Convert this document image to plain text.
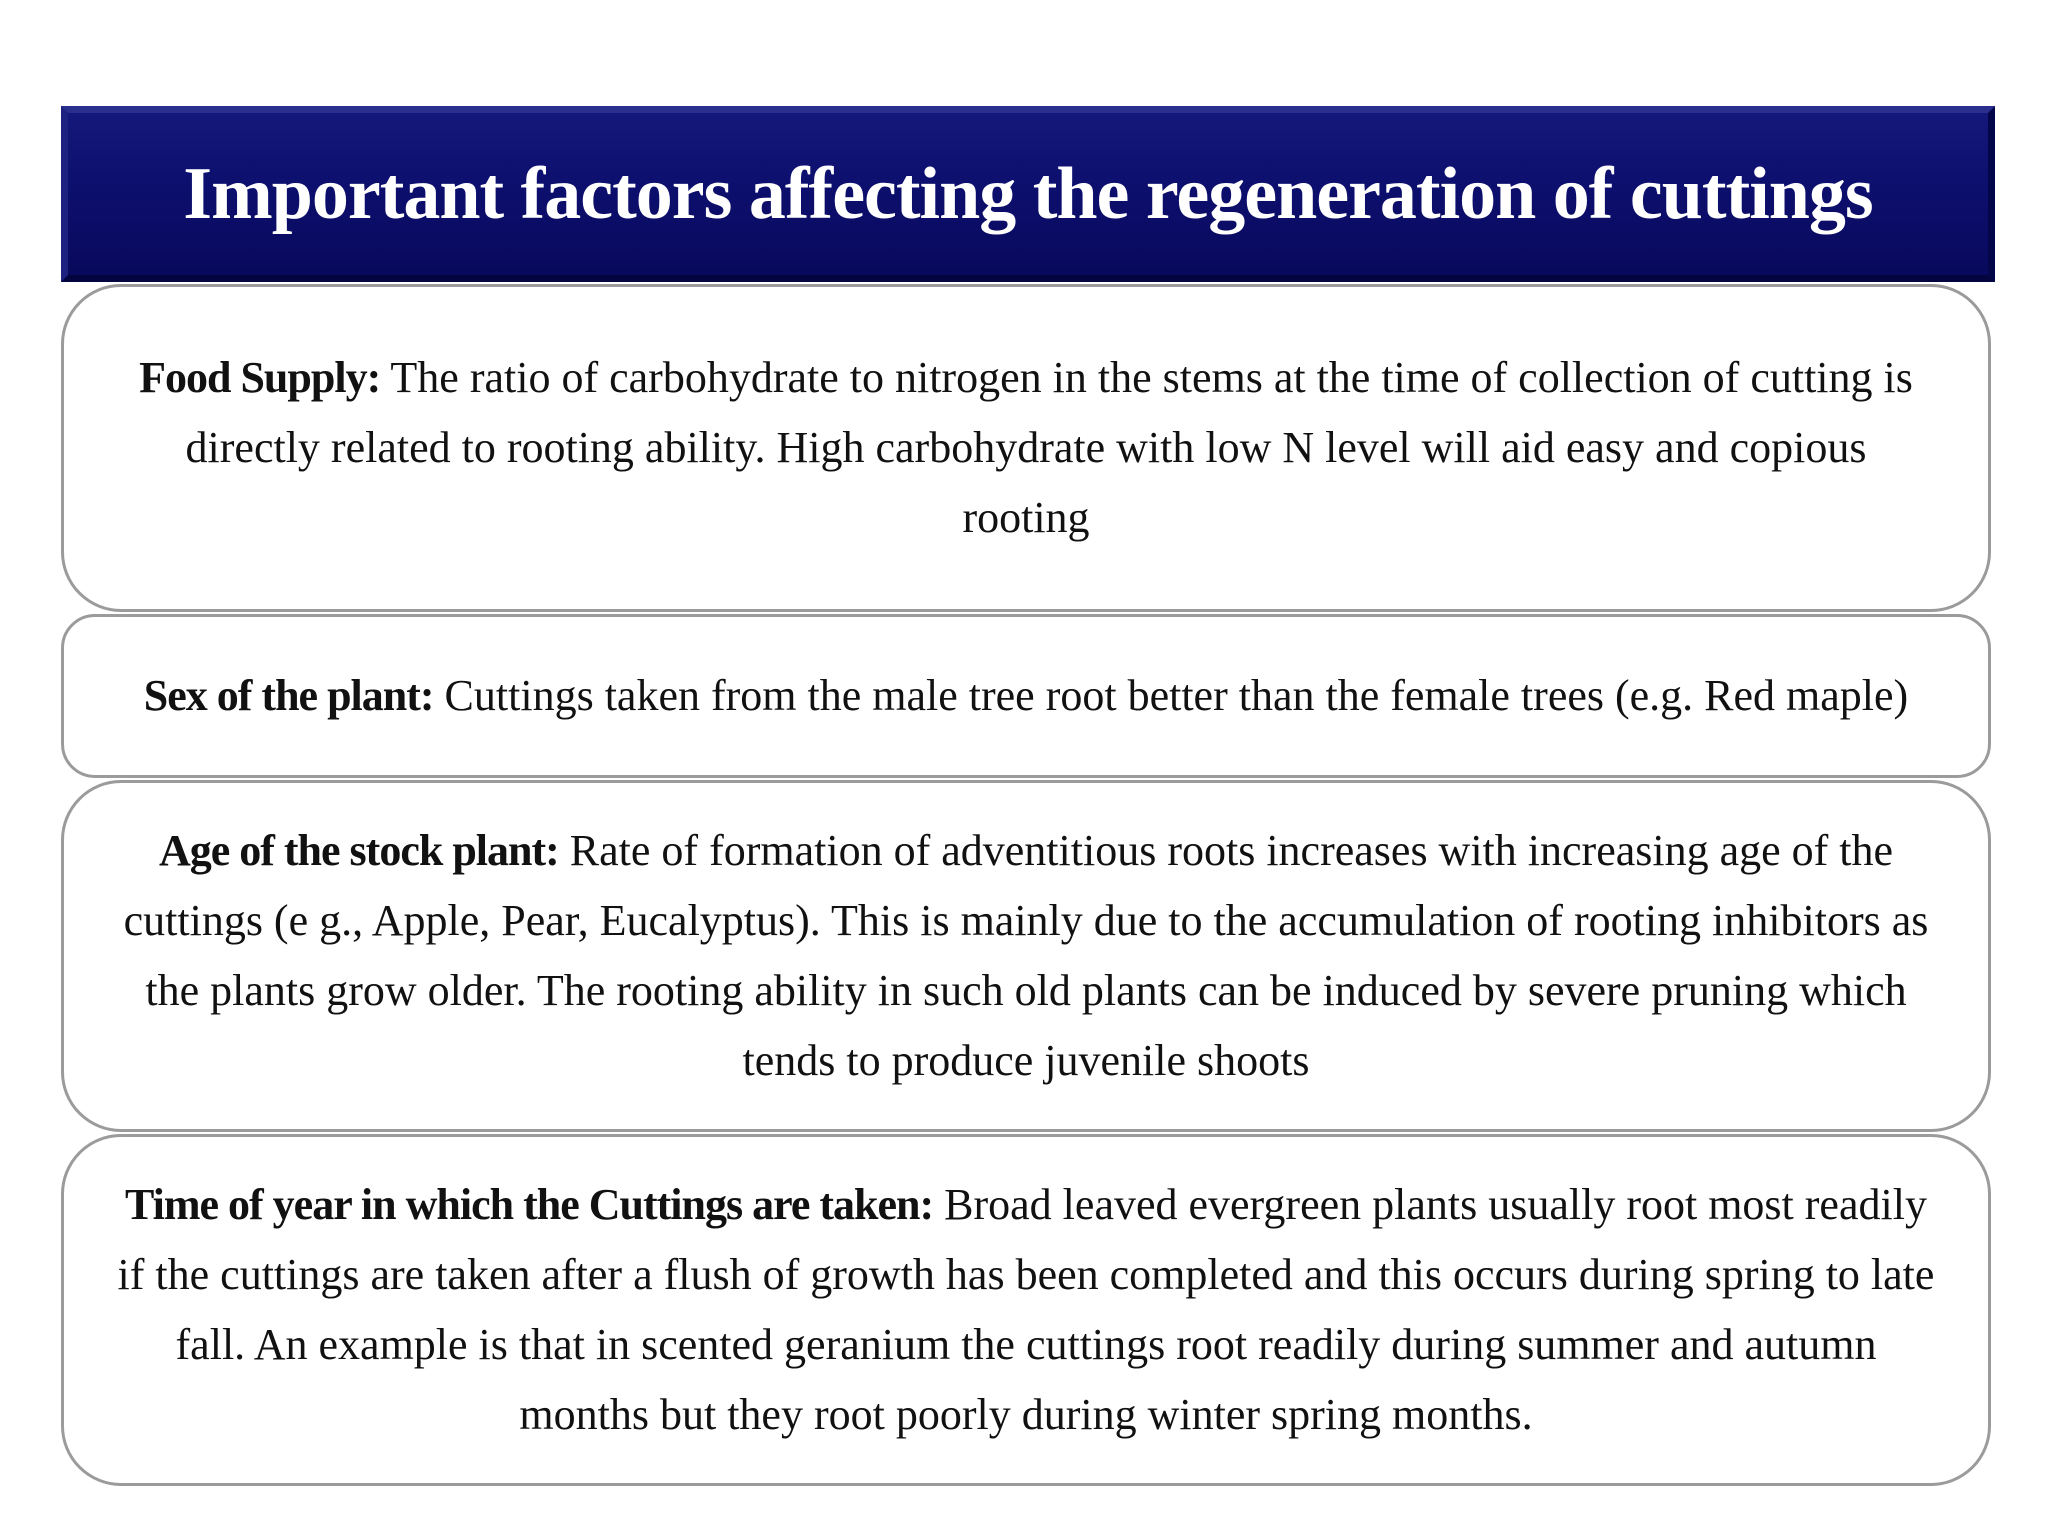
Important factors affecting the regeneration of cuttings

Food Supply: The ratio of carbohydrate to nitrogen in the stems at the time of collection of cutting is directly related to rooting ability. High carbohydrate with low N level will aid easy and copious rooting

Sex of the plant: Cuttings taken from the male tree root better than the female trees (e.g. Red maple)

Age of the stock plant: Rate of formation of adventitious roots increases with increasing age of the cuttings (e g., Apple, Pear, Eucalyptus). This is mainly due to the accumulation of rooting inhibitors as the plants grow older. The rooting ability in such old plants can be induced by severe pruning which tends to produce juvenile shoots

Time of year in which the Cuttings are taken: Broad leaved evergreen plants usually root most readily if the cuttings are taken after a flush of growth has been completed and this occurs during spring to late fall. An example is that in scented geranium the cuttings root readily during summer and autumn months but they root poorly during winter spring months.
